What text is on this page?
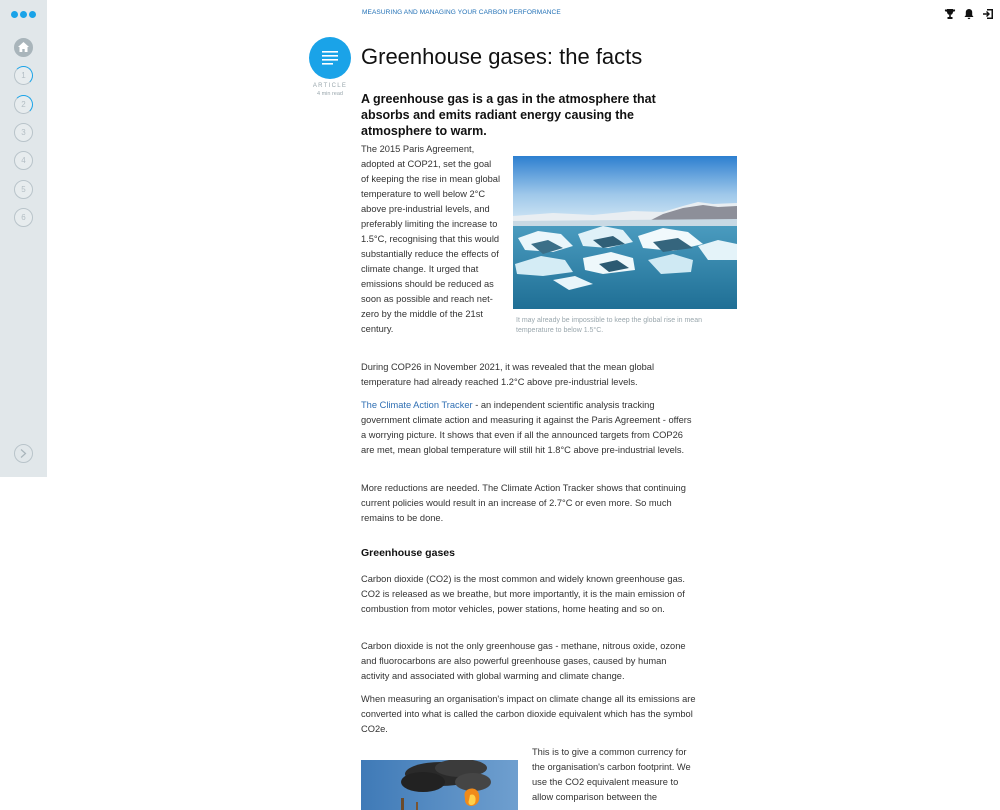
1
2
3
4
5
6
MEASURING AND MANAGING YOUR CARBON PERFORMANCE
ARTICLE
4 min read
Greenhouse gases: the facts

A greenhouse gas is a gas in the atmosphere that absorbs and emits radiant energy causing the atmosphere to warm.

The 2015 Paris Agreement, adopted at COP21, set the goal of keeping the rise in mean global temperature to well below 2°C above pre-industrial levels, and preferably limiting the increase to 1.5°C, recognising that this would substantially reduce the effects of climate change. It urged that emissions should be reduced as soon as possible and reach net-zero by the middle of the 21st century.

It may already be impossible to keep the global rise in mean temperature to below 1.5°C.

During COP26 in November 2021, it was revealed that the mean global temperature had already reached 1.2°C above pre-industrial levels.

The Climate Action Tracker - an independent scientific analysis tracking government climate action and measuring it against the Paris Agreement - offers a worrying picture. It shows that even if all the announced targets from COP26 are met, mean global temperature will still hit 1.8°C above pre-industrial levels.

More reductions are needed. The Climate Action Tracker shows that continuing current policies would result in an increase of 2.7°C or even more. So much remains to be done.

Greenhouse gases

Carbon dioxide (CO2) is the most common and widely known greenhouse gas. CO2 is released as we breathe, but more importantly, it is the main emission of combustion from motor vehicles, power stations, home heating and so on.

Carbon dioxide is not the only greenhouse gas - methane, nitrous oxide, ozone and fluorocarbons are also powerful greenhouse gases, caused by human activity and associated with global warming and climate change.

When measuring an organisation's impact on climate change all its emissions are converted into what is called the carbon dioxide equivalent which has the symbol CO2e.

This is to give a common currency for the organisation's carbon footprint. We use the CO2 equivalent measure to allow comparison between the
